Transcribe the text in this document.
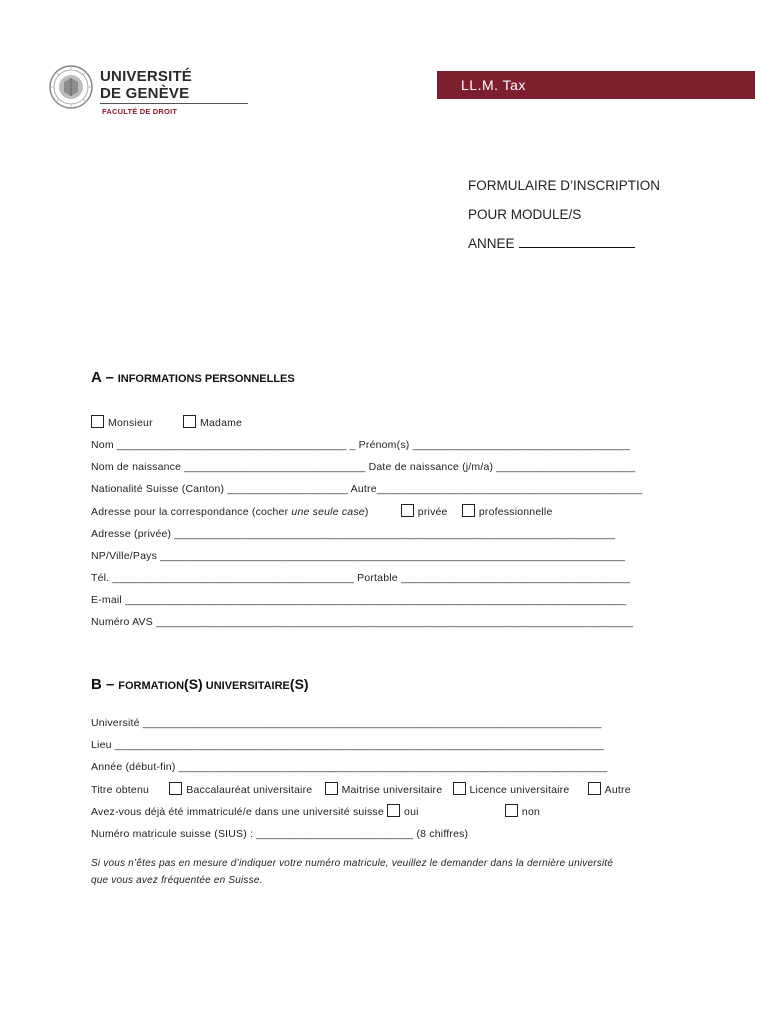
UNIVERSITÉ
DE GENÈVE
FACULTÉ DE DROIT
LL.M. Tax
FORMULAIRE D’INSCRIPTION
POUR MODULE/S
ANNEE
A – INFORMATIONS PERSONNELLES
Monsieur	Madame
Nom ______________________________________ _ Prénom(s) ____________________________________
Nom de naissance ______________________________ Date de naissance (j/m/a) _______________________
Nationalité Suisse (Canton) ____________________ Autre____________________________________________
Adresse pour la correspondance (cocher une seule case)	privée	professionnelle
Adresse (privée) _________________________________________________________________________
NP/Ville/Pays _____________________________________________________________________________
Tél. ________________________________________ Portable ______________________________________
E-mail ___________________________________________________________________________________
Numéro AVS _______________________________________________________________________________
B – FORMATION(S) UNIVERSITAIRE(S)
Université ____________________________________________________________________________
Lieu _________________________________________________________________________________
Année (début-fin) _______________________________________________________________________
Titre obtenu	Baccalauréat universitaire	Maitrise universitaire	Licence universitaire	Autre
Avez-vous déjà été immatriculé/e dans une université suisse oui	non
Numéro matricule suisse (SIUS) : __________________________ (8 chiffres)
Si vous n’êtes pas en mesure d’indiquer votre numéro matricule, veuillez le demander dans la dernière université
que vous avez fréquentée en Suisse.
